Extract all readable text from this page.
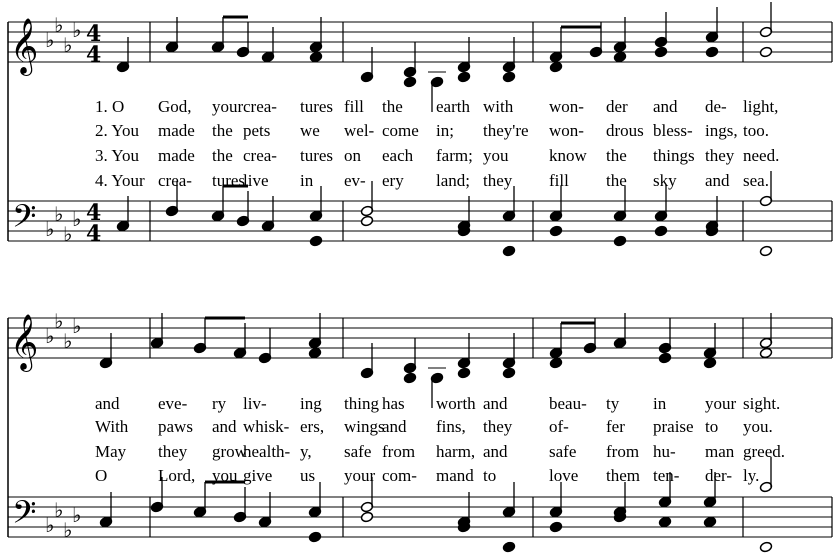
𝄞
𝄢
♭
♭
♭
♭
♭
♭
♭
♭
4
4
4
4
𝄞
𝄢
♭
♭
♭
♭
♭
♭
♭
♭
1. O God, your crea- tures fill the earth with won- der and de- light,
2. You made the pets we wel- come in; they're won- drous bless- ings, too.
3. You made the crea- tures on each farm; you know the things they need.
4. Your crea- tures
live in ev- ery land; they fill the sky and sea.
and eve- ry liv- ing thing has worth and beau- ty in your sight.
With paws and whisk- ers, wings
and fins, they of- fer praise to you.
May they grow
health- y, safe from harm, and safe from hu- man greed.
O	Lord, you give us your com- mand to	love them ten- der- ly.
